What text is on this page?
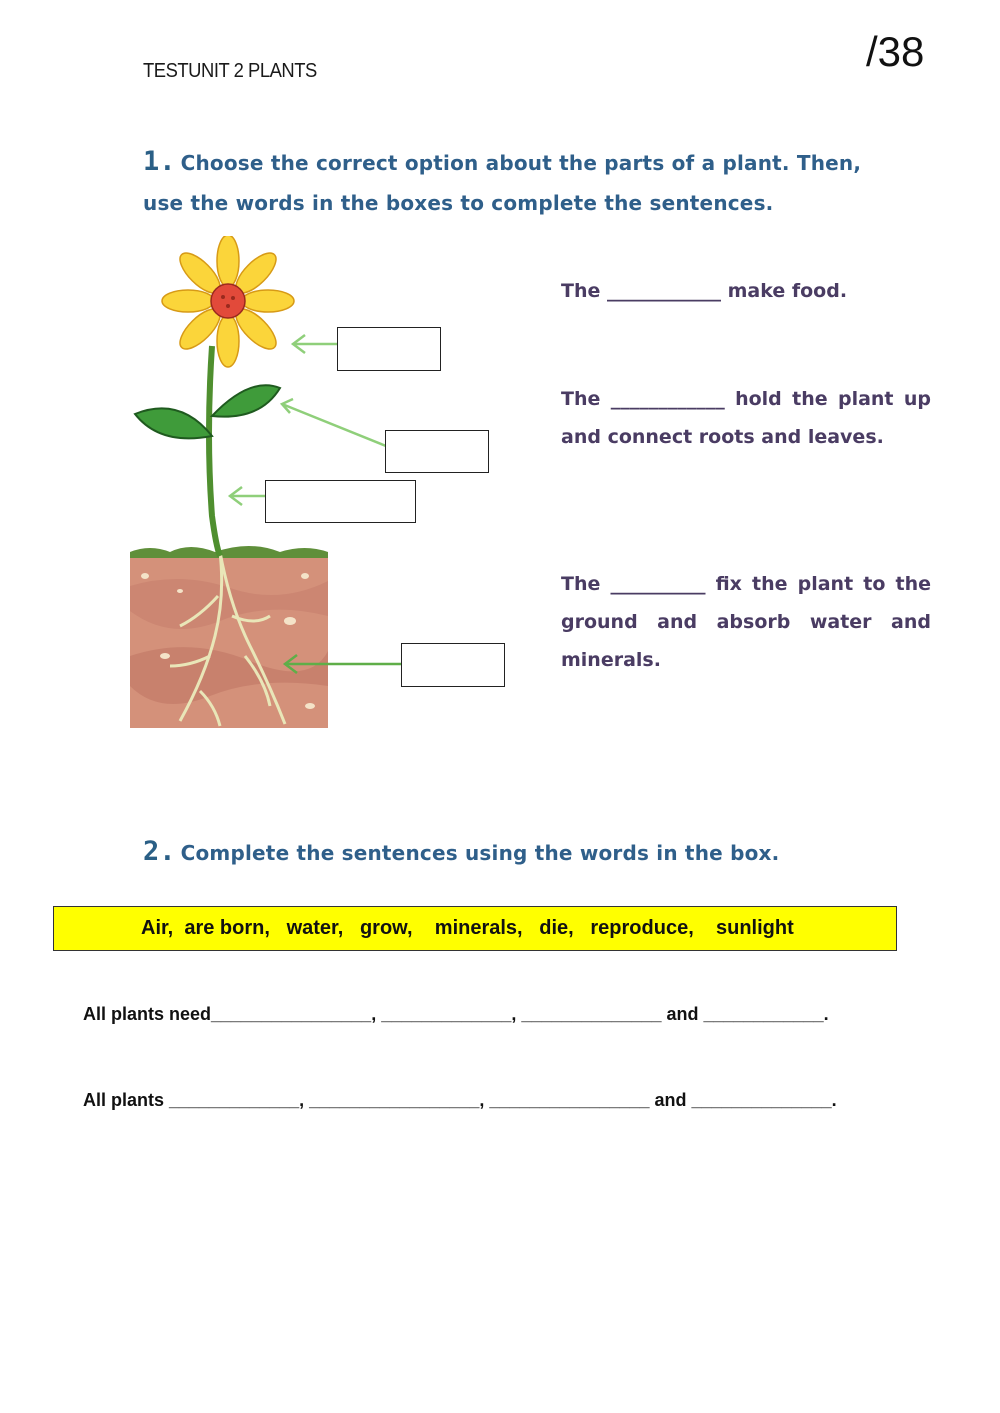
TESTUNIT 2 PLANTS	/38
1. Choose the correct option about the parts of a plant. Then,
use the words in the boxes to complete the sentences.
The ____________ make food.
The ____________ hold the plant up and connect roots and leaves.
The __________ fix the plant to the ground and absorb water and minerals.
2. Complete the sentences using the words in the box.
Air,  are born,   water,   grow,    minerals,   die,   reproduce,    sunlight
All plants need________________, _____________, ______________ and ____________.
All plants _____________, _________________, ________________ and ______________.
